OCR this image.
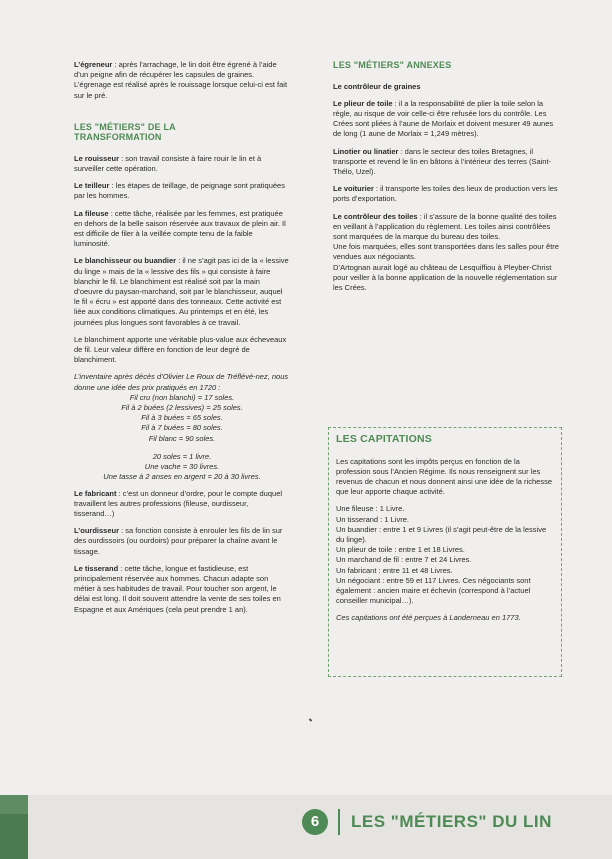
L’égreneur : après l’arrachage, le lin doit être égrené à l’aide d’un peigne afin de récupérer les capsules de graines. L’égrenage est réalisé après le rouissage lorsque celui-ci est fait sur le pré.

LES "MÉTIERS" DE LA TRANSFORMATION

Le rouisseur : son travail consiste à faire rouir le lin et à surveiller cette opération.

Le teilleur : les étapes de teillage, de peignage sont pratiquées par les hommes.

La fileuse : cette tâche, réalisée par les femmes, est pratiquée en dehors de la belle saison réservée aux travaux de plein air. Il est difficile de filer à la veillée compte tenu de la faible luminosité.

Le blanchisseur ou buandier : il ne s’agit pas ici de la « lessive du linge » mais de la « lessive des fils » qui consiste à faire blanchir le fil. Le blanchiment est réalisé soit par la main d’oeuvre du paysan-marchand, soit par le blanchisseur, auquel le fil « écru » est apporté dans des tonneaux. Cette activité est liée aux conditions climatiques. Au printemps et en été, les journées plus longues sont favorables à ce travail.

Le blanchiment apporte une véritable plus-value aux écheveaux de fil. Leur valeur diffère en fonction de leur degré de blanchiment.

L’inventaire après décès d’Olivier Le Roux de Tréflévé-nez, nous donne une idée des prix pratiqués en 1720 :
Fil cru (non blanchi) = 17 soles.
Fil à 2 buées (2 lessives) = 25 soles.
Fil à 3 buées = 65 soles.
Fil à 7 buées = 80 soles.
Fil blanc = 90 soles.
20 soles = 1 livre.
Une vache = 30 livres.
Une tasse à 2 anses en argent = 20 à 30 livres.

Le fabricant : c’est un donneur d’ordre, pour le compte duquel travaillent les autres professions (fileuse, ourdisseur, tisserand…)

L’ourdisseur : sa fonction consiste à enrouler les fils de lin sur des ourdissoirs (ou ourdoirs) pour préparer la chaîne avant le tissage.

Le tisserand : cette tâche, longue et fastidieuse, est principalement réservée aux hommes. Chacun adapte son métier à ses habitudes de travail. Pour toucher son argent, le délai est long. Il doit souvent attendre la vente de ses toiles en Espagne et aux Amériques (cela peut prendre 1 an).

LES "MÉTIERS" ANNEXES

Le contrôleur de graines

Le plieur de toile : il a la responsabilité de plier la toile selon la règle, au risque de voir celle-ci être refusée lors du contrôle. Les Crées sont pliées à l’aune de Morlaix et doivent mesurer 49 aunes de long (1 aune de Morlaix = 1,249 mètres).

Linotier ou linatier : dans le secteur des toiles Bretagnes, il transporte et revend le lin en bâtons à l’intérieur des terres (Saint-Thélo, Uzel).

Le voiturier : il transporte les toiles des lieux de production vers les ports d’exportation.

Le contrôleur des toiles : il s’assure de la bonne qualité des toiles en veillant à l’application du règlement. Les toiles ainsi contrôlées sont marquées de la marque du bureau des toiles.
Une fois marquées, elles sont transportées dans les salles pour être vendues aux négociants.
D’Artognan aurait logé au château de Lesquiffiou à Pleyber-Christ pour veiller à la bonne application de la nouvelle réglementation sur les Crées.

LES CAPITATIONS

Les capitations sont les impôts perçus en fonction de la profession sous l’Ancien Régime. Ils nous renseignent sur les revenus de chacun et nous donnent ainsi une idée de la richesse que leur apporte chaque activité.

Une fileuse : 1 Livre.
Un tisserand : 1 Livre.
Un buandier : entre 1 et 9 Livres (il s’agit peut-être de la lessive du linge).
Un plieur de toile : entre 1 et 18 Livres.
Un marchand de fil : entre 7 et 24 Livres.
Un fabricant : entre 11 et 48 Livres.
Un négociant : entre 59 et 117 Livres. Ces négociants sont également : ancien maire et échevin (correspond à l’actuel conseiller municipal…).

Ces capitations ont été perçues à Landerneau en 1773.

6	LES "MÉTIERS" DU LIN
